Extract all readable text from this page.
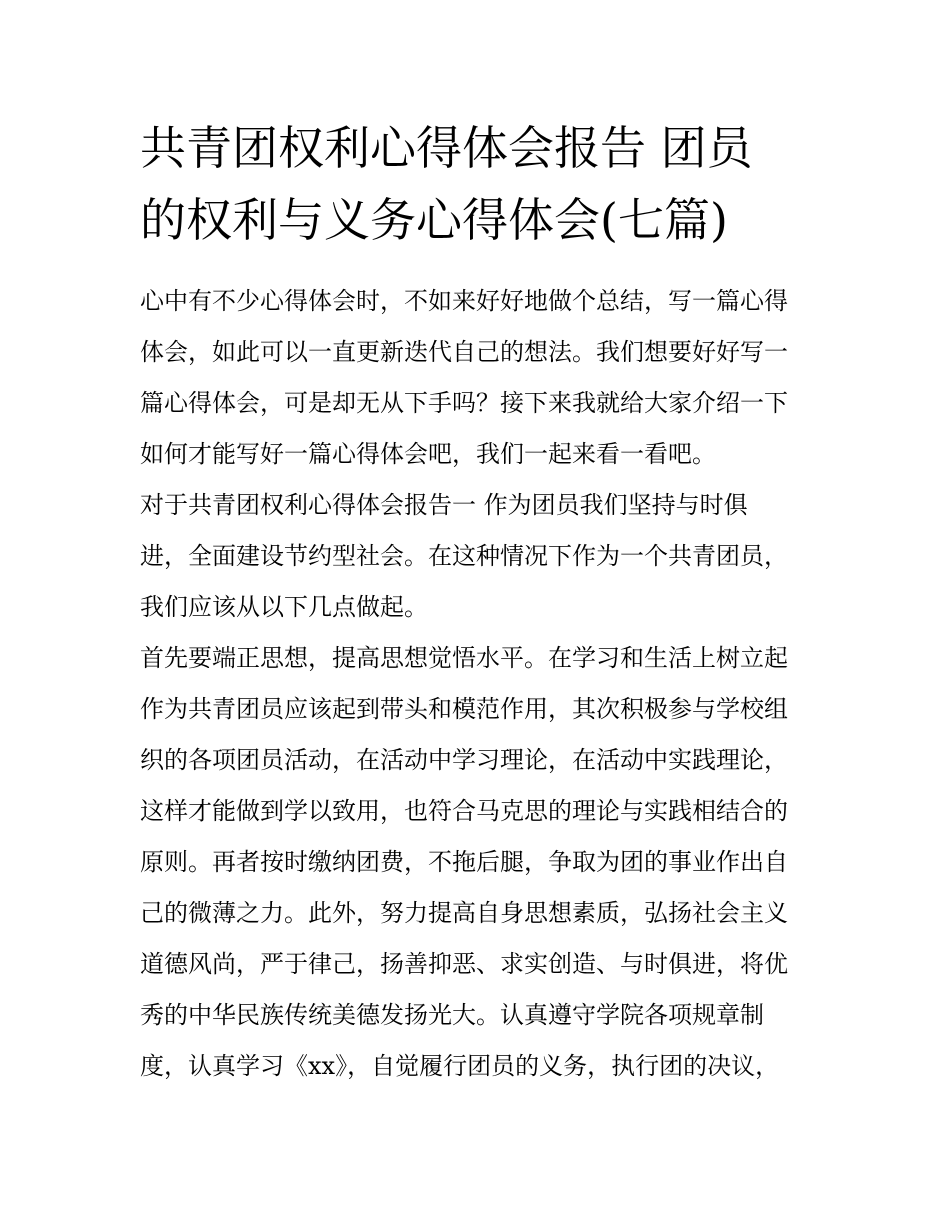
共青团权利心得体会报告 团员
的权利与义务心得体会(七篇)
心中有不少心得体会时，不如来好好地做个总结，写一篇心得
体会，如此可以一直更新迭代自己的想法。我们想要好好写一
篇心得体会，可是却无从下手吗？接下来我就给大家介绍一下
如何才能写好一篇心得体会吧，我们一起来看一看吧。
对于共青团权利心得体会报告一 作为团员我们坚持与时俱
进，全面建设节约型社会。在这种情况下作为一个共青团员，
我们应该从以下几点做起。
首先要端正思想，提高思想觉悟水平。在学习和生活上树立起
作为共青团员应该起到带头和模范作用，其次积极参与学校组
织的各项团员活动，在活动中学习理论，在活动中实践理论，
这样才能做到学以致用，也符合马克思的理论与实践相结合的
原则。再者按时缴纳团费，不拖后腿，争取为团的事业作出自
己的微薄之力。此外，努力提高自身思想素质，弘扬社会主义
道德风尚，严于律己，扬善抑恶、求实创造、与时俱进，将优
秀的中华民族传统美德发扬光大。认真遵守学院各项规章制
度，认真学习《xx》，自觉履行团员的义务，执行团的决议，
